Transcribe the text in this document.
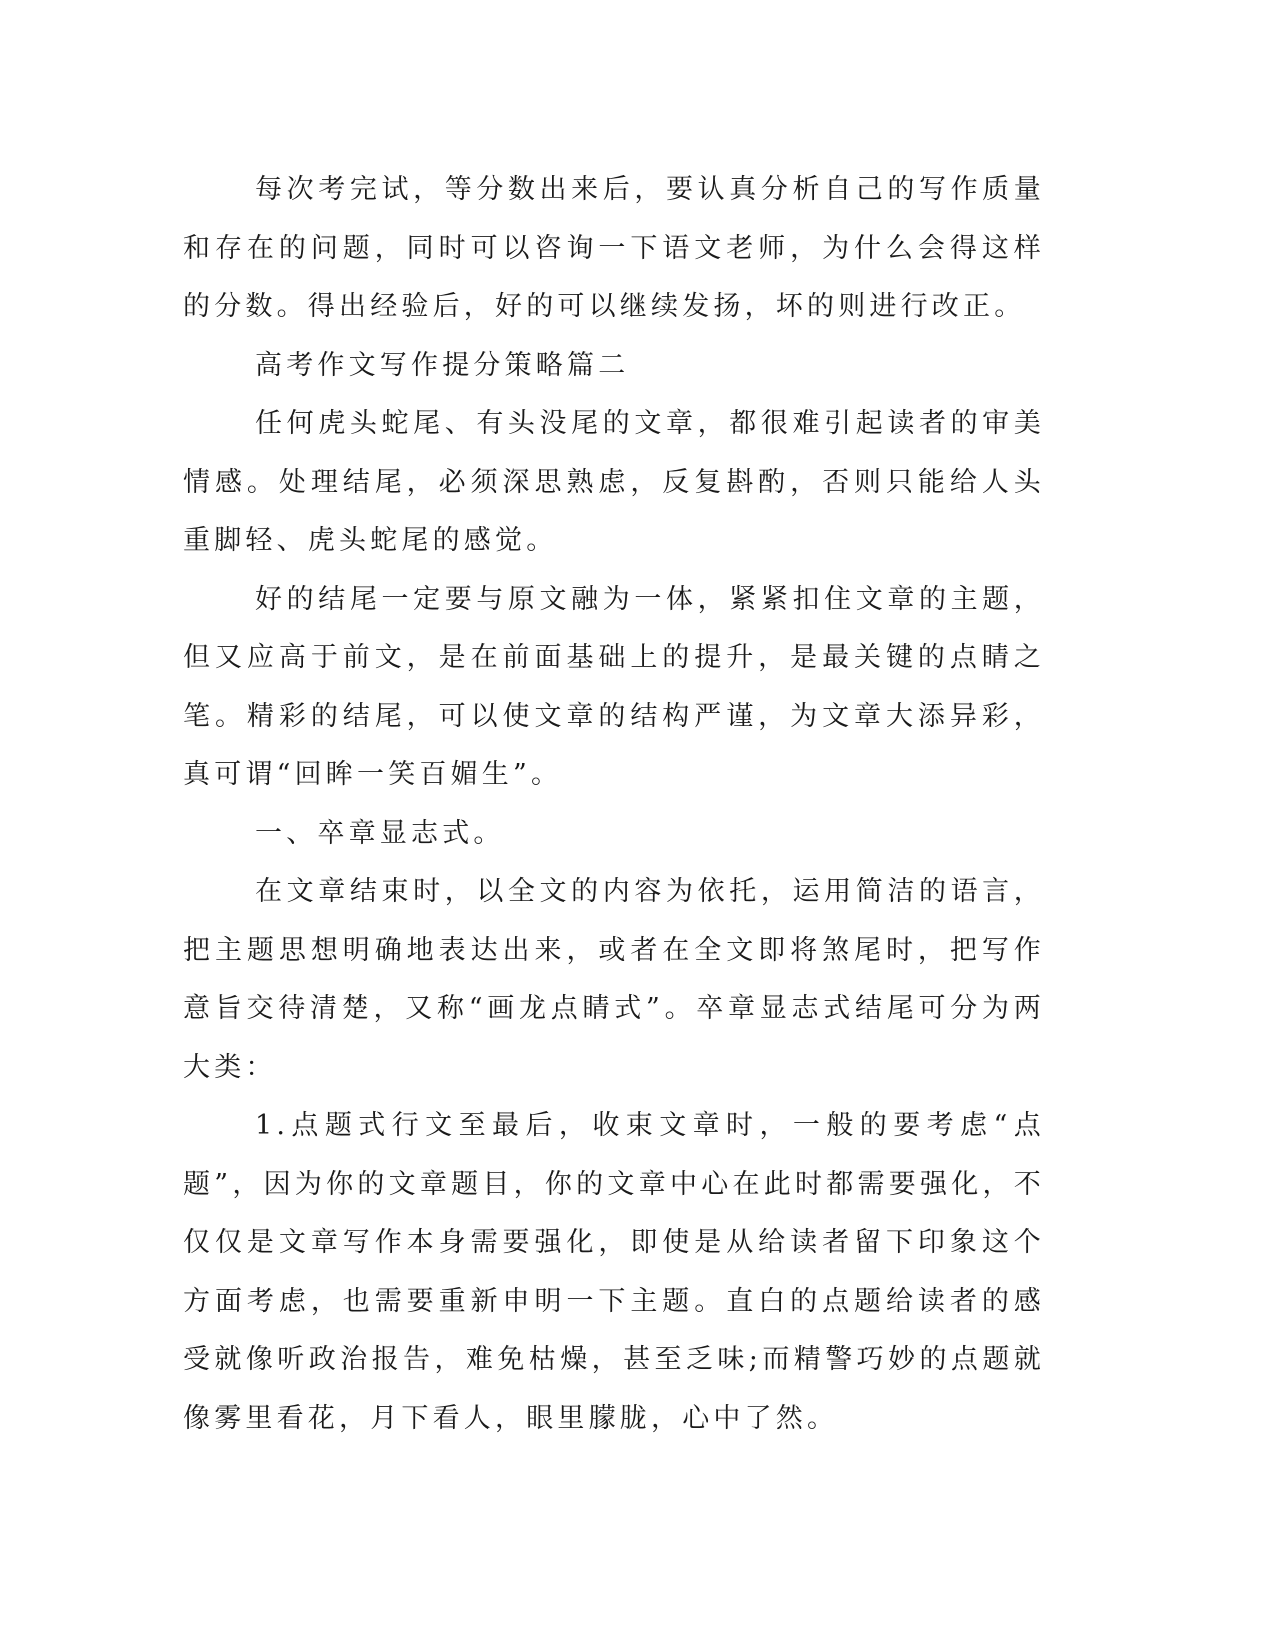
每次考完试，等分数出来后，要认真分析自己的写作质量和存在的问题，同时可以咨询一下语文老师，为什么会得这样的分数。得出经验后，好的可以继续发扬，坏的则进行改正。

高考作文写作提分策略篇二

任何虎头蛇尾、有头没尾的文章，都很难引起读者的审美情感。处理结尾，必须深思熟虑，反复斟酌，否则只能给人头重脚轻、虎头蛇尾的感觉。

好的结尾一定要与原文融为一体，紧紧扣住文章的主题，但又应高于前文，是在前面基础上的提升，是最关键的点睛之笔。精彩的结尾，可以使文章的结构严谨，为文章大添异彩，真可谓“回眸一笑百媚生”。

一、卒章显志式。

在文章结束时，以全文的内容为依托，运用简洁的语言，把主题思想明确地表达出来，或者在全文即将煞尾时，把写作意旨交待清楚，又称“画龙点睛式”。卒章显志式结尾可分为两大类：

1.点题式行文至最后，收束文章时，一般的要考虑“点题”，因为你的文章题目，你的文章中心在此时都需要强化，不仅仅是文章写作本身需要强化，即使是从给读者留下印象这个方面考虑，也需要重新申明一下主题。直白的点题给读者的感受就像听政治报告，难免枯燥，甚至乏味;而精警巧妙的点题就像雾里看花，月下看人，眼里朦胧，心中了然。
